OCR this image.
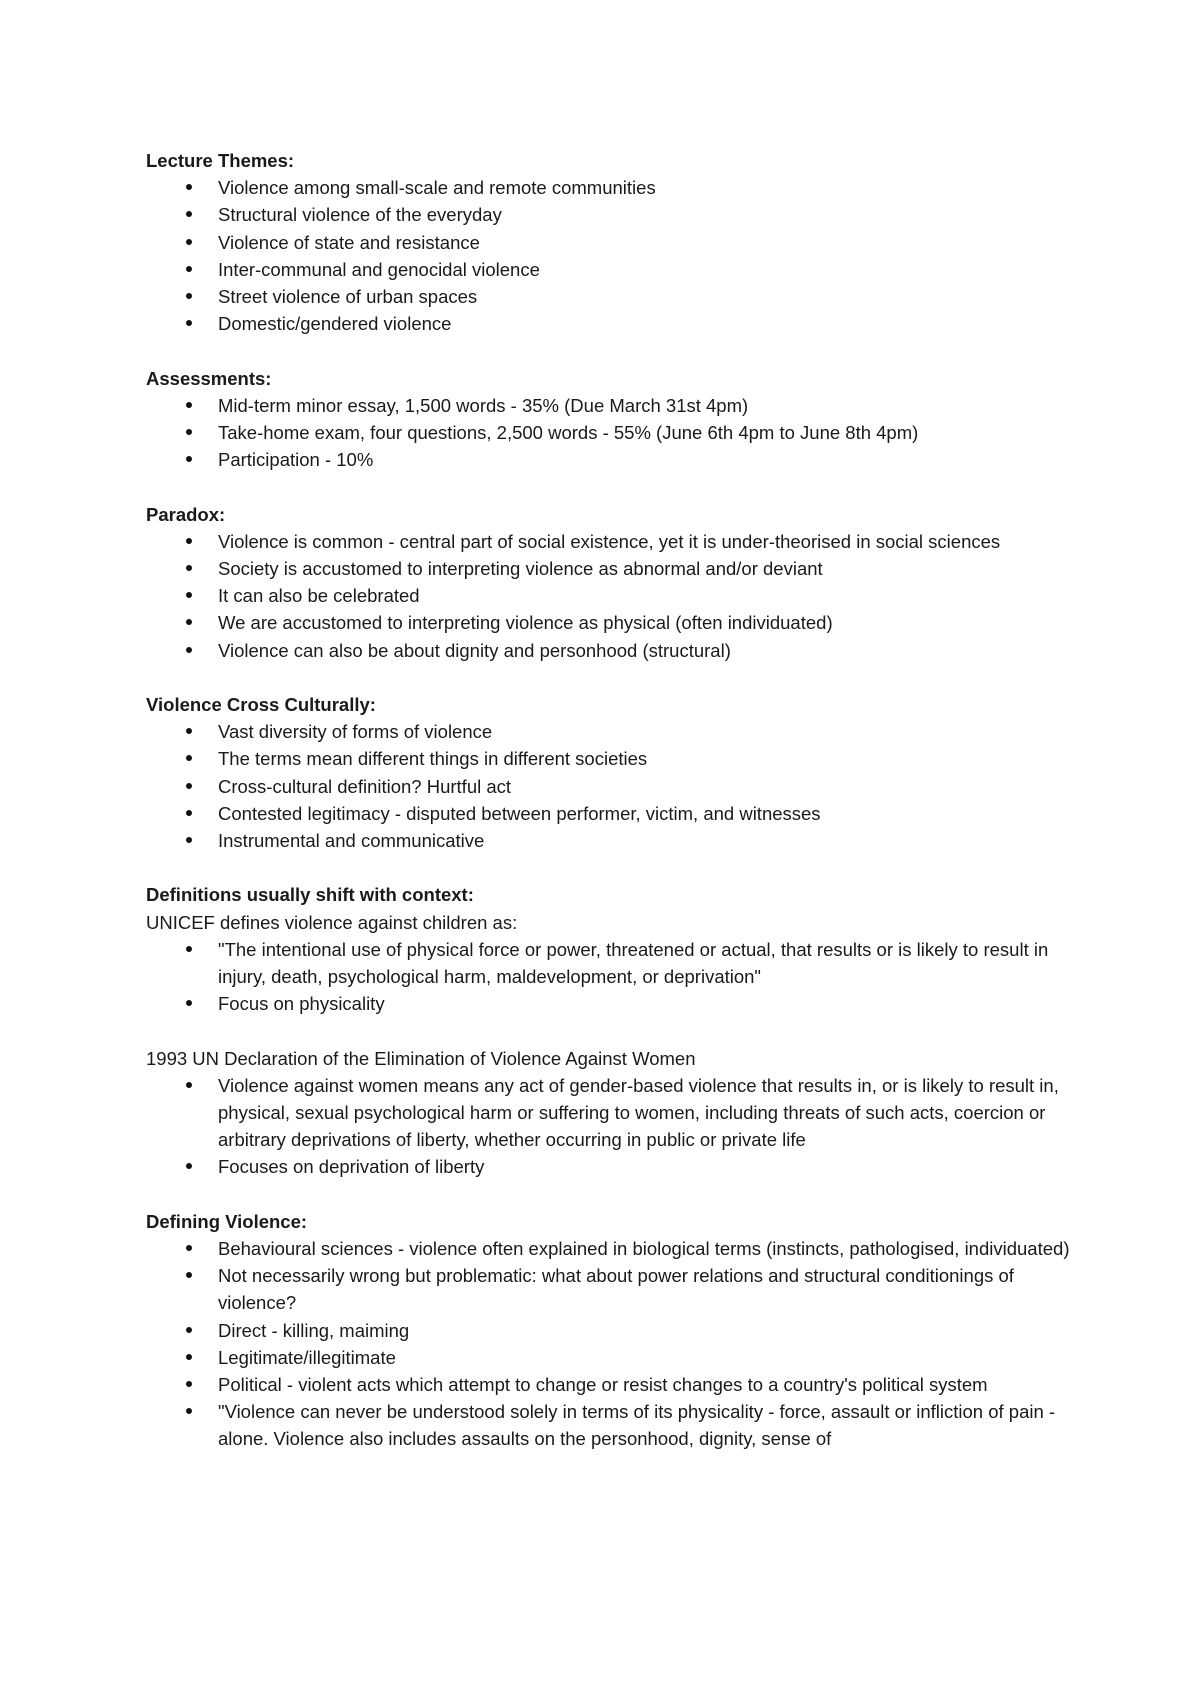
Lecture Themes:

Violence among small-scale and remote communities
Structural violence of the everyday
Violence of state and resistance
Inter-communal and genocidal violence
Street violence of urban spaces
Domestic/gendered violence

Assessments:

Mid-term minor essay, 1,500 words - 35% (Due March 31st 4pm)
Take-home exam, four questions, 2,500 words - 55% (June 6th 4pm to June 8th 4pm)
Participation - 10%

Paradox:

Violence is common - central part of social existence, yet it is under-theorised in social sciences
Society is accustomed to interpreting violence as abnormal and/or deviant
It can also be celebrated
We are accustomed to interpreting violence as physical (often individuated)
Violence can also be about dignity and personhood (structural)

Violence Cross Culturally:

Vast diversity of forms of violence
The terms mean different things in different societies
Cross-cultural definition? Hurtful act
Contested legitimacy - disputed between performer, victim, and witnesses
Instrumental and communicative

Definitions usually shift with context:

UNICEF defines violence against children as:

"The intentional use of physical force or power, threatened or actual, that results or is likely to result in injury, death, psychological harm, maldevelopment, or deprivation"
Focus on physicality

1993 UN Declaration of the Elimination of Violence Against Women

Violence against women means any act of gender-based violence that results in, or is likely to result in, physical, sexual psychological harm or suffering to women, including threats of such acts, coercion or arbitrary deprivations of liberty, whether occurring in public or private life
Focuses on deprivation of liberty

Defining Violence:

Behavioural sciences - violence often explained in biological terms (instincts, pathologised, individuated)
Not necessarily wrong but problematic: what about power relations and structural conditionings of violence?
Direct - killing, maiming
Legitimate/illegitimate
Political - violent acts which attempt to change or resist changes to a country's political system
"Violence can never be understood solely in terms of its physicality - force, assault or infliction of pain - alone. Violence also includes assaults on the personhood, dignity, sense of
